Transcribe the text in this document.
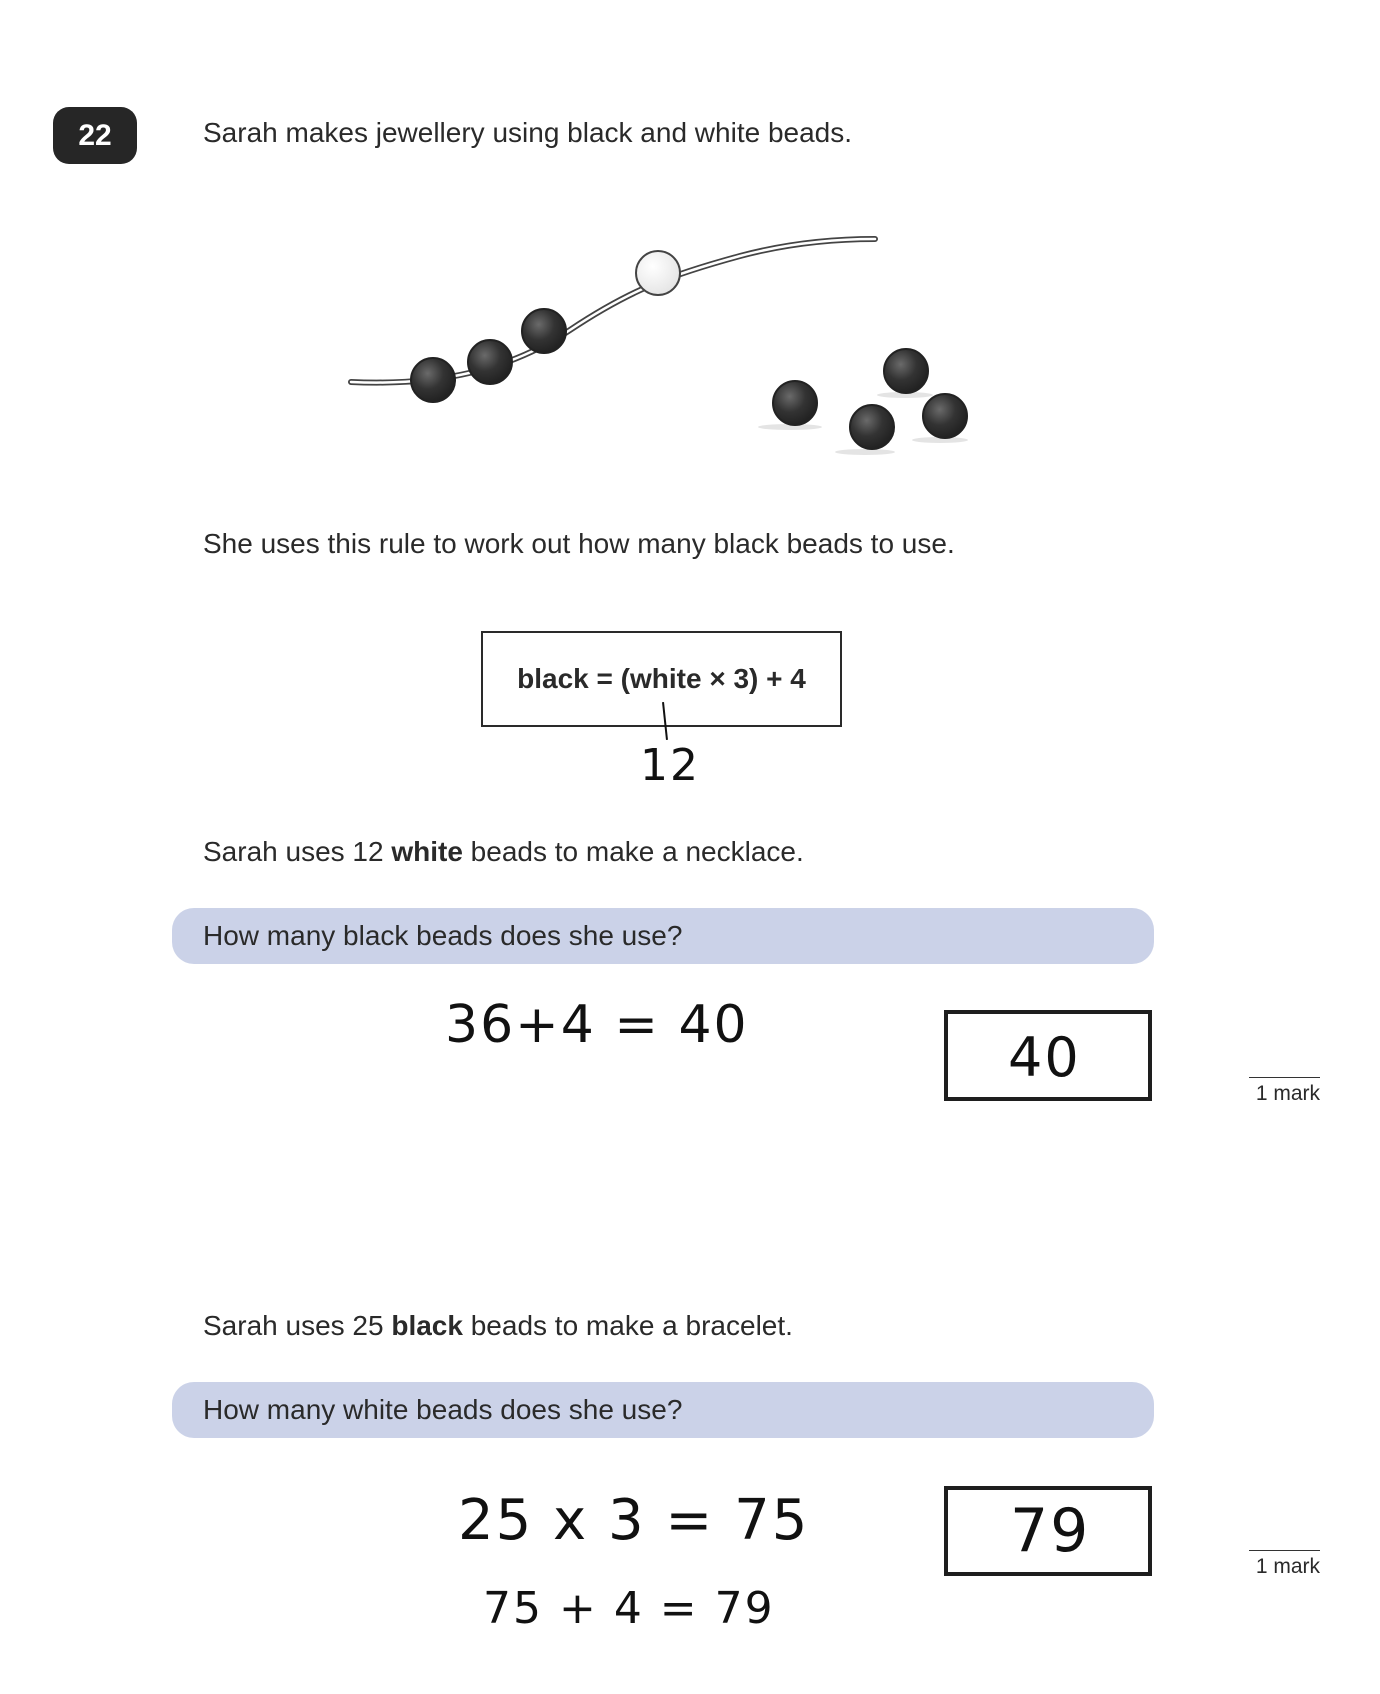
22	Sarah makes jewellery using black and white beads.
She uses this rule to work out how many black beads to use.
black = (white × 3) + 4
12
Sarah uses 12 white beads to make a necklace.
How many black beads does she use?
36+4 = 40
40
1 mark
Sarah uses 25 black beads to make a bracelet.
How many white beads does she use?
25 x 3 = 75
75 + 4 = 79
79
1 mark
